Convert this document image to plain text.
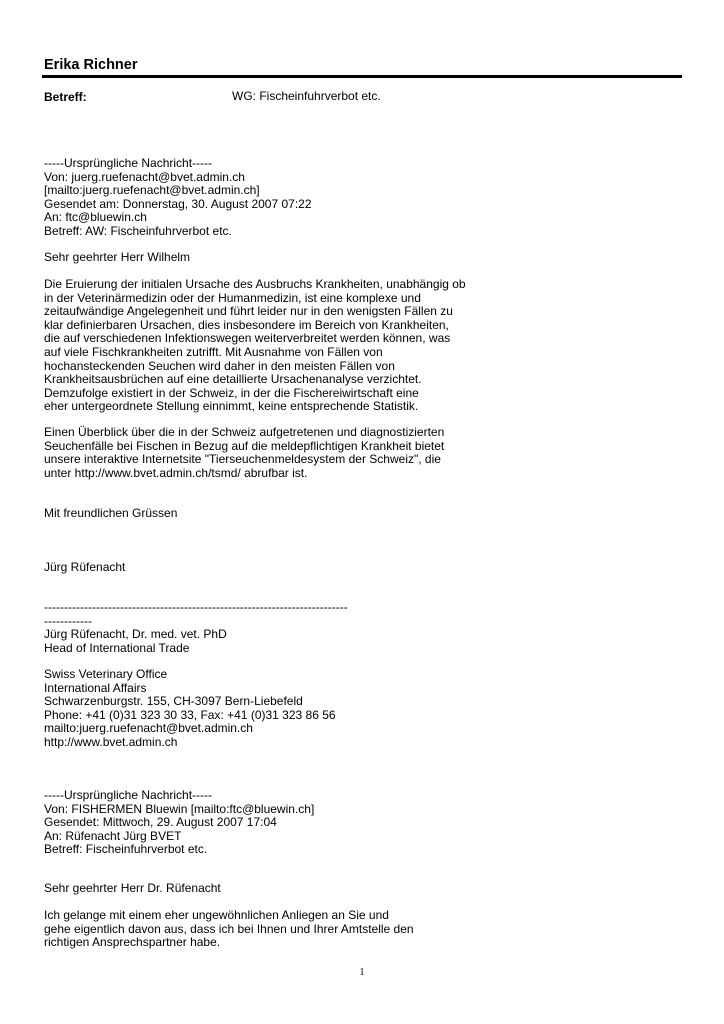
Erika Richner
Betreff:	WG: Fischeinfuhrverbot etc.
-----Ursprüngliche Nachricht-----
Von: juerg.ruefenacht@bvet.admin.ch
[mailto:juerg.ruefenacht@bvet.admin.ch]
Gesendet am: Donnerstag, 30. August 2007 07:22
An: ftc@bluewin.ch
Betreff: AW: Fischeinfuhrverbot etc.
Sehr geehrter Herr Wilhelm
Die Eruierung der initialen Ursache des Ausbruchs Krankheiten, unabhängig ob
in der Veterinärmedizin oder der Humanmedizin, ist eine komplexe und
zeitaufwändige Angelegenheit und führt leider nur in den wenigsten Fällen zu
klar definierbaren Ursachen, dies insbesondere im Bereich von Krankheiten,
die auf verschiedenen Infektionswegen weiterverbreitet werden können, was
auf viele Fischkrankheiten zutrifft. Mit Ausnahme von Fällen von
hochansteckenden Seuchen wird daher in den meisten Fällen von
Krankheitsausbrüchen auf eine detaillierte Ursachenanalyse verzichtet.
Demzufolge existiert in der Schweiz, in der die Fischereiwirtschaft eine
eher untergeordnete Stellung einnimmt, keine entsprechende Statistik.
Einen Überblick über die in der Schweiz aufgetretenen und diagnostizierten
Seuchenfälle bei Fischen in Bezug auf die meldepflichtigen Krankheit bietet
unsere interaktive Internetsite "Tierseuchenmeldesystem der Schweiz", die
unter http://www.bvet.admin.ch/tsmd/ abrufbar ist.
Mit freundlichen Grüssen
Jürg Rüfenacht
----------------------------------------------------------------------------
------------
Jürg Rüfenacht, Dr. med. vet. PhD
Head of International Trade
Swiss Veterinary Office
International Affairs
Schwarzenburgstr. 155, CH-3097 Bern-Liebefeld
Phone: +41 (0)31 323 30 33, Fax: +41 (0)31 323 86 56
mailto:juerg.ruefenacht@bvet.admin.ch
http://www.bvet.admin.ch
-----Ursprüngliche Nachricht-----
Von: FISHERMEN Bluewin [mailto:ftc@bluewin.ch]
Gesendet: Mittwoch, 29. August 2007 17:04
An: Rüfenacht Jürg BVET
Betreff: Fischeinfuhrverbot etc.
Sehr geehrter Herr Dr. Rüfenacht
Ich gelange mit einem eher ungewöhnlichen Anliegen an Sie und
gehe eigentlich davon aus, dass ich bei Ihnen und Ihrer Amtstelle den
richtigen Ansprechspartner habe.
1
